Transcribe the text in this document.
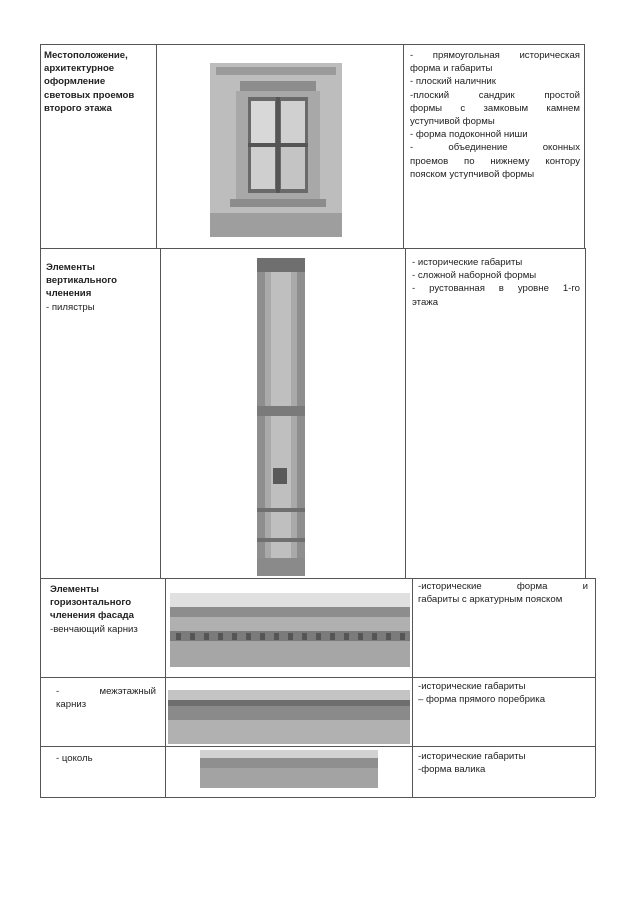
Местоположение,
архитектурное
оформление
световых проемов
второго этажа
- прямоугольная историческая
форма и габариты
- плоский наличник
-плоский сандрик простой
формы с замковым камнем
уступчивой формы
- форма подоконной ниши
- объединение оконных
проемов по нижнему контору
пояском уступчивой формы
Элементы
вертикального
членения
- пилястры
- исторические габариты
- сложной наборной формы
- рустованная в уровне 1-го
этажа
Элементы
горизонтального
членения фасада
-венчающий карниз
-исторические форма и
габариты с аркатурным пояском
- межэтажный
карниз
-исторические габариты
– форма прямого поребрика
- цоколь	-исторические габариты
-форма валика
